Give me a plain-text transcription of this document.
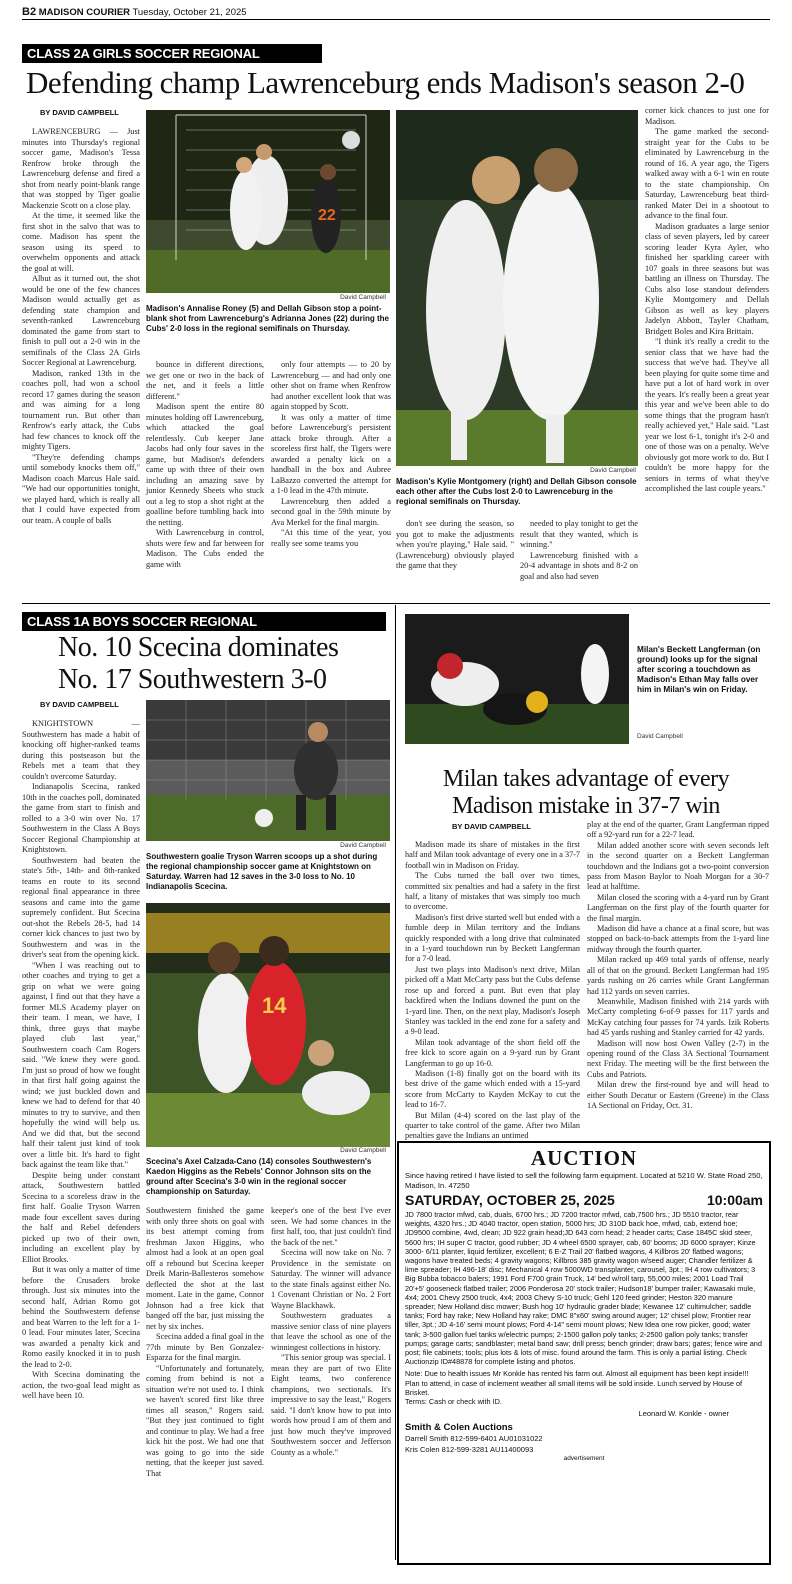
B2 MADISON COURIER Tuesday, October 21, 2025
CLASS 2A GIRLS SOCCER REGIONAL
Defending champ Lawrenceburg ends Madison's season 2-0
BY DAVID CAMPBELL

LAWRENCEBURG — Just minutes into Thursday's regional soccer game, Madison's Tessa Renfrow broke through the Lawrenceburg defense and fired a shot from nearly point-blank range that was stopped by Tiger goalie Mackenzie Scott on a close play.

At the time, it seemed like the first shot in the salvo that was to come. Madison has spent the season using its speed to overwhelm opponents and attack the goal at will.

Albut as it turned out, the shot would be one of the few chances Madison would actually get as defending state champion and seventh-ranked Lawrenceburg dominated the game from start to finish to pull out a 2-0 win in the semifinals of the Class 2A Girls Soccer Regional at Lawrenceburg.

Madison, ranked 13th in the coaches poll, had won a school record 17 games during the season and was aiming for a long tournament run. But other than Renfrow's early attack, the Cubs had few chances to knock off the mighty Tigers.

"They're defending champs until somebody knocks them off," Madison coach Marcus Hale said. "We had our opportunities tonight, we played hard, which is really all that I could have expected from our team. A couple of balls

22
David Campbell
Madison's Annalise Roney (5) and Dellah Gibson stop a point-blank shot from Lawrenceburg's Adrianna Jones (22) during the Cubs' 2-0 loss in the regional semifinals on Thursday.

bounce in different directions, we get one or two in the back of the net, and it feels a little different."

Madison spent the entire 80 minutes holding off Lawrenceburg, which attacked the goal relentlessly. Cub keeper Jane Jacobs had only four saves in the game, but Madison's defenders came up with three of their own including an amazing save by junior Kennedy Sheets who stuck out a leg to stop a shot right at the goalline before tumbling back into the netting.

With Lawrenceburg in control, shots were few and far between for Madison. The Cubs ended the game with

only four attempts — to 20 by Lawrenceburg — and had only one other shot on frame when Renfrow had another excellent look that was again stopped by Scott.

It was only a matter of time before Lawrenceburg's persistent attack broke through. After a scoreless first half, the Tigers were awarded a penalty kick on a handball in the box and Aubree LaBazzo converted the attempt for a 1-0 lead in the 47th minute.

Lawrenceburg then added a second goal in the 59th minute by Ava Merkel for the final margin.

"At this time of the year, you really see some teams you

David Campbell
Madison's Kylie Montgomery (right) and Dellah Gibson console each other after the Cubs lost 2-0 to Lawrenceburg in the regional semifinals on Thursday.

don't see during the season, so you got to make the adjustments when you're playing," Hale said. "(Lawrenceburg) obviously played the game that they

needed to play tonight to get the result that they wanted, which is winning."

Lawrenceburg finished with a 20-4 advantage in shots and 8-2 on goal and also had seven

corner kick chances to just one for Madison.

The game marked the second-straight year for the Cubs to be eliminated by Lawrenceburg in the round of 16. A year ago, the Tigers walked away with a 6-1 win en route to the state championship. On Saturday, Lawrenceburg beat third-ranked Mater Dei in a shootout to advance to the final four.

Madison graduates a large senior class of seven players, led by career scoring leader Kyra Ayler, who finished her sparkling career with 107 goals in three seasons but was battling an illness on Thursday. The Cubs also lose standout defenders Kylie Montgomery and Dellah Gibson as well as key players Jadelyn Abbott, Tayler Chatham, Bridgett Boles and Kira Brittain.

"I think it's really a credit to the senior class that we have had the success that we've had. They've all been playing for quite some time and have put a lot of hard work in over the years. It's really been a great year this year and we've been able to do some things that the program hasn't really achieved yet," Hale said. "Last year we lost 6-1, tonight it's 2-0 and one of those was on a penalty. We've obviously got more work to do. But I couldn't be more happy for the seniors in terms of what they've accomplished the last couple years."

CLASS 1A BOYS SOCCER REGIONAL
No. 10 Scecina dominates
No. 17 Southwestern 3-0
BY DAVID CAMPBELL

KNIGHTSTOWN — Southwestern has made a habit of knocking off higher-ranked teams during this postseason but the Rebels met a team that they couldn't overcome Saturday.

Indianapolis Scecina, ranked 10th in the coaches poll, dominated the game from start to finish and rolled to a 3-0 win over No. 17 Southwestern in the Class A Boys Soccer Regional Championship at Knightstown.

Southwestern had beaten the state's 5th-, 14th- and 8th-ranked teams en route to its second regional final appearance in three seasons and came into the game supremely confident. But Scecina out-shot the Rebels 28-5, had 14 corner kick chances to just two by Southwestern and was in the driver's seat from the opening kick.

"When I was reaching out to other coaches and trying to get a grip on what we were going against, I find out that they have a former MLS Academy player on their team. I mean, we have, I think, three guys that maybe played club last year," Southwestern coach Cam Rogers said. "We knew they were good. I'm just so proud of how we fought in that first half going against the wind; we just buckled down and knew we had to defend for that 40 minutes to try to survive, and then hopefully the wind will help us. And we did that, but the second half their talent just kind of took over a little bit. It's hard to fight back against the team like that."

Despite being under constant attack, Southwestern battled Scecina to a scoreless draw in the first half. Goalie Tryson Warren made four excellent saves during the half and Rebel defenders picked up two of their own, including an excellent play by Elliot Brooks.

But it was only a matter of time before the Crusaders broke through. Just six minutes into the second half, Adrian Romo got behind the Southwestern defense and beat Warren to the left for a 1-0 lead. Four minutes later, Scecina was awarded a penalty kick and Romo easily knocked it in to push the lead to 2-0.

With Scecina dominating the action, the two-goal lead might as well have been 10.

David Campbell
Southwestern goalie Tryson Warren scoops up a shot during the regional championship soccer game at Knightstown on Saturday. Warren had 12 saves in the 3-0 loss to No. 10 Indianapolis Scecina.
14
David Campbell
Scecina's Axel Calzada-Cano (14) consoles Southwestern's Kaedon Higgins as the Rebels' Connor Johnson sits on the ground after Scecina's 3-0 win in the regional soccer championship on Saturday.

Southwestern finished the game with only three shots on goal with its best attempt coming from freshman Jaxon Higgins, who almost had a look at an open goal off a rebound but Scecina keeper Dreik Marin-Ballesteros somehow deflected the shot at the last moment. Late in the game, Connor Johnson had a free kick that banged off the bar, just missing the net by six inches.

Scecina added a final goal in the 77th minute by Ben Gonzalez-Esparza for the final margin.

"Unfortunately and fortunately, coming from behind is not a situation we're not used to. I think we haven't scored first like three times all season," Rogers said. "But they just continued to fight and continue to play. We had a free kick hit the post. We had one that was going to go into the side netting, that the keeper just saved. That

keeper's one of the best I've ever seen. We had some chances in the first half, too, that just couldn't find the back of the net."

Scecina will now take on No. 7 Providence in the semistate on Saturday. The winner will advance to the state finals against either No. 1 Covenant Christian or No. 2 Fort Wayne Blackhawk.

Southwestern graduates a massive senior class of nine players that leave the school as one of the winningest collections in history.

"This senior group was special. I mean they are part of two Elite Eight teams, two conference champions, two sectionals. It's impressive to say the least," Rogers said. "I don't know how to put into words how proud I am of them and just how much they've improved Southwestern soccer and Jefferson County as a whole."

Milan's Beckett Langferman (on ground) looks up for the signal after scoring a touchdown as Madison's Ethan May falls over him in Milan's win on Friday.
David Campbell
Milan takes advantage of every
Madison mistake in 37-7 win
BY DAVID CAMPBELL

Madison made its share of mistakes in the first half and Milan took advantage of every one in a 37-7 football win in Madison on Friday.

The Cubs turned the ball over two times, committed six penalties and had a safety in the first half, a litany of mistakes that was simply too much to overcome.

Madison's first drive started well but ended with a fumble deep in Milan territory and the Indians quickly responded with a long drive that culminated in a 1-yard touchdown run by Beckett Langferman for a 7-0 lead.

Just two plays into Madison's next drive, Milan picked off a Matt McCarty pass but the Cubs defense rose up and forced a punt. But even that play backfired when the Indians downed the punt on the 1-yard line. Then, on the next play, Madison's Joseph Stanley was tackled in the end zone for a safety and a 9-0 lead.

Milan took advantage of the short field off the free kick to score again on a 9-yard run by Grant Langferman to go up 16-0.

Madison (1-8) finally got on the board with its best drive of the game which ended with a 15-yard score from McCarty to Kayden McKay to cut the lead to 16-7.

But Milan (4-4) scored on the last play of the quarter to take control of the game. After two Milan penalties gave the Indians an untimed

play at the end of the quarter, Grant Langferman ripped off a 92-yard run for a 22-7 lead.

Milan added another score with seven seconds left in the second quarter on a Beckett Langferman touchdown and the Indians got a two-point conversion pass from Mason Baylor to Noah Morgan for a 30-7 lead at halftime.

Milan closed the scoring with a 4-yard run by Grant Langferman on the first play of the fourth quarter for the final margin.

Madison did have a chance at a final score, but was stopped on back-to-back attempts from the 1-yard line midway through the fourth quarter.

Milan racked up 469 total yards of offense, nearly all of that on the ground. Beckett Langferman had 195 yards rushing on 26 carries while Grant Langferman had 112 yards on seven carries.

Meanwhile, Madison finished with 214 yards with McCarty completing 6-of-9 passes for 117 yards and McKay catching four passes for 74 yards. Izik Roberts had 45 yards rushing and Stanley carried for 42 yards.

Madison will now host Owen Valley (2-7) in the opening round of the Class 3A Sectional Tournament next Friday. The meeting will be the first between the Cubs and Patriots.

Milan drew the first-round bye and will head to either South Decatur or Eastern (Greene) in the Class 1A Sectional on Friday, Oct. 31.

AUCTION
Since having retired I have listed to sell the following farm equipment. Located at 5210 W. State Road 250, Madison, In. 47250
SATURDAY, OCTOBER 25, 2025	10:00am
JD 7800 tractor mfwd, cab, duals, 6700 hrs.; JD 7200 tractor mfwd, cab,7500 hrs.; JD 5510 tractor, rear weights, 4320 hrs.; JD 4040 tractor, open station, 5000 hrs; JD 310D back hoe, mfwd, cab, extend hoe; JD9500 combine, 4wd, clean; JD 922 grain head;JD 643 corn head; 2 header carts; Case 1845C skid steer, 5600 hrs; IH super C tractor, good rubber; JD 4 wheel 6500 sprayer, cab, 60' booms; JD 6000 sprayer; Kinze 3000- 6/11 planter, liquid fertilizer, excellent; 6 E-Z Trail 20' flatbed wagons, 4 Killbros 20' flatbed wagons; wagons have treated beds; 4 gravity wagons; Killbros 385 gravity wagon w/seed auger; Chandler fertilizer & lime spreader; IH 496-18' disc; Mechanical 4 row 5000WD transplanter, carousel, 3pt.; IH 4 row cultivators; 3 Big Bubba tobacco balers; 1991 Ford F700 grain Truck, 14' bed w/roll tarp, 55,000 miles; 2001 Load Trail 20'+5' gooseneck flatbed trailer; 2006 Ponderosa 20' stock trailer; Hudson18' bumper trailer; Kawasaki mule, 4x4; 2001 Chevy 2500 truck, 4x4; 2003 Chevy S-10 truck; Gehl 120 feed grinder; Heston 320 manure spreader; New Holland disc mower; Bush hog 10' hydraulic grader blade; Kewanee 12' cultimulcher; saddle tanks; Ford hay rake; New Holland hay rake; DMC 8"x60' swing around auger; 12' chisel plow; Frontier rear tiller, 3pt.; JD 4-16' semi mount plows; Ford 4-14" semi mount plows; New Idea one row picker, good; water tank; 3-500 gallon fuel tanks w/electric pumps; 2-1500 gallon poly tanks; 2-2500 gallon poly tanks; transfer pumps; garage carts; sandblaster; metal band saw; drill press; bench grinder; draw bars; gates; fence wire and post; file cabinets; tools; plus lots & lots of misc. found around the farm. This is only a partial listing. Check Auctionzip ID#48878 for complete listing and photos.
Note: Due to health issues Mr Konkle has rented his farm out. Almost all equipment has been kept inside!!! Plan to attend, in case of inclement weather all small items will be sold inside. Lunch served by House of Brisket.
Terms: Cash or check with ID.
Leonard W. Konkle - owner
Smith & Colen Auctions
Darrell Smith 812-599-6401 AU01031022
Kris Colen 812-599-3281 AU11400093
advertisement
